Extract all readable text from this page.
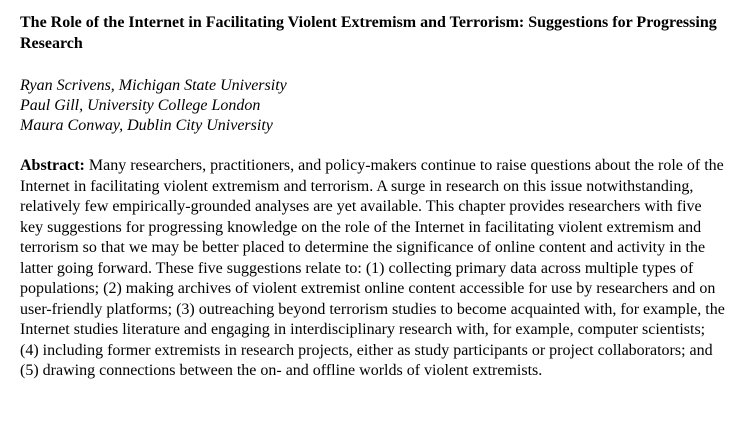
The Role of the Internet in Facilitating Violent Extremism and Terrorism: Suggestions for Progressing Research
Ryan Scrivens, Michigan State University
Paul Gill, University College London
Maura Conway, Dublin City University

Abstract: Many researchers, practitioners, and policy-makers continue to raise questions about the role of the Internet in facilitating violent extremism and terrorism. A surge in research on this issue notwithstanding, relatively few empirically-grounded analyses are yet available. This chapter provides researchers with five key suggestions for progressing knowledge on the role of the Internet in facilitating violent extremism and terrorism so that we may be better placed to determine the significance of online content and activity in the latter going forward. These five suggestions relate to: (1) collecting primary data across multiple types of populations; (2) making archives of violent extremist online content accessible for use by researchers and on user-friendly platforms; (3) outreaching beyond terrorism studies to become acquainted with, for example, the Internet studies literature and engaging in interdisciplinary research with, for example, computer scientists; (4) including former extremists in research projects, either as study participants or project collaborators; and (5) drawing connections between the on- and offline worlds of violent extremists.
